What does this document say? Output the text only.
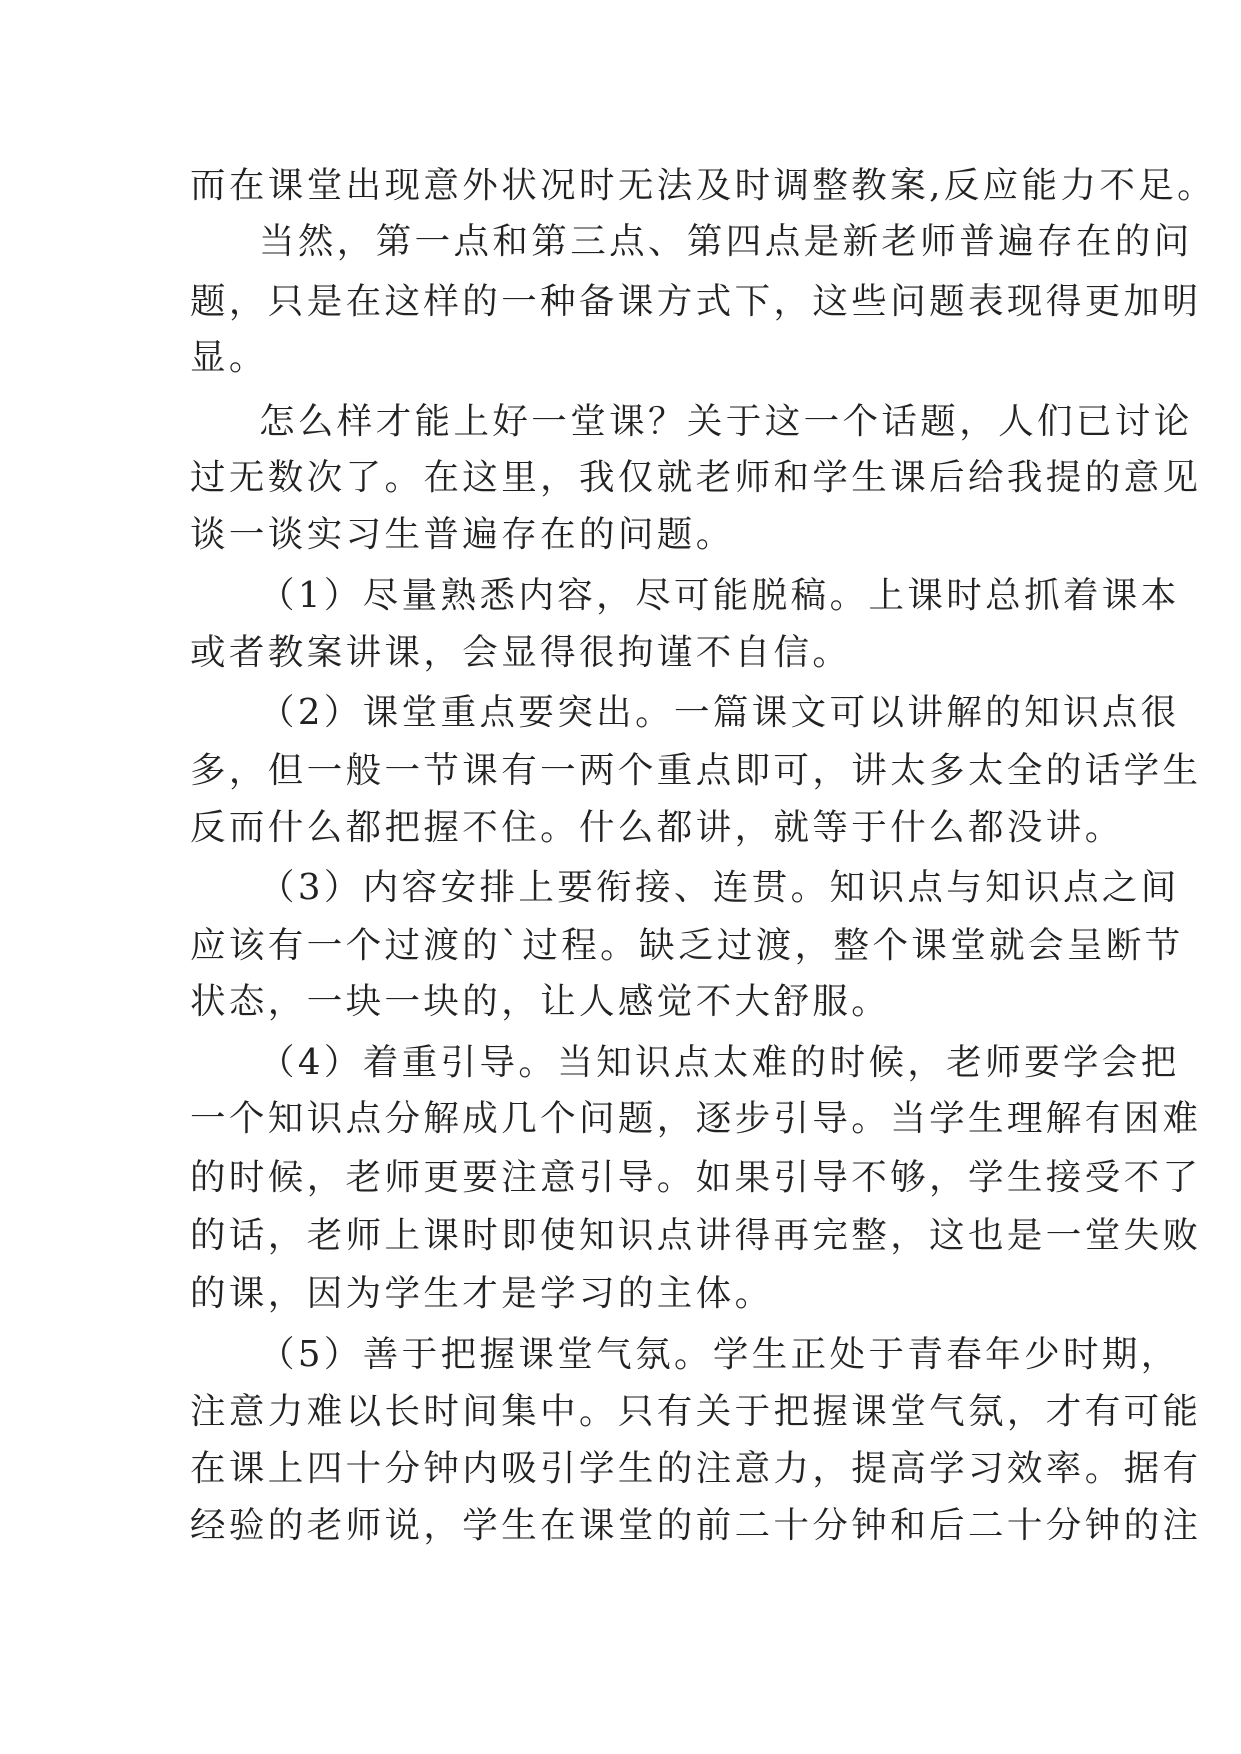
而在课堂出现意外状况时无法及时调整教案,反应能力不足。
当然，第一点和第三点、第四点是新老师普遍存在的问
题，只是在这样的一种备课方式下，这些问题表现得更加明
显。
怎么样才能上好一堂课？关于这一个话题，人们已讨论
过无数次了。在这里，我仅就老师和学生课后给我提的意见
谈一谈实习生普遍存在的问题。
（1）尽量熟悉内容，尽可能脱稿。上课时总抓着课本
或者教案讲课，会显得很拘谨不自信。
（2）课堂重点要突出。一篇课文可以讲解的知识点很
多，但一般一节课有一两个重点即可，讲太多太全的话学生
反而什么都把握不住。什么都讲，就等于什么都没讲。
（3）内容安排上要衔接、连贯。知识点与知识点之间
应该有一个过渡的`过程。缺乏过渡，整个课堂就会呈断节
状态，一块一块的，让人感觉不大舒服。
（4）着重引导。当知识点太难的时候，老师要学会把
一个知识点分解成几个问题，逐步引导。当学生理解有困难
的时候，老师更要注意引导。如果引导不够，学生接受不了
的话，老师上课时即使知识点讲得再完整，这也是一堂失败
的课，因为学生才是学习的主体。
（5）善于把握课堂气氛。学生正处于青春年少时期，
注意力难以长时间集中。只有关于把握课堂气氛，才有可能
在课上四十分钟内吸引学生的注意力，提高学习效率。据有
经验的老师说，学生在课堂的前二十分钟和后二十分钟的注
